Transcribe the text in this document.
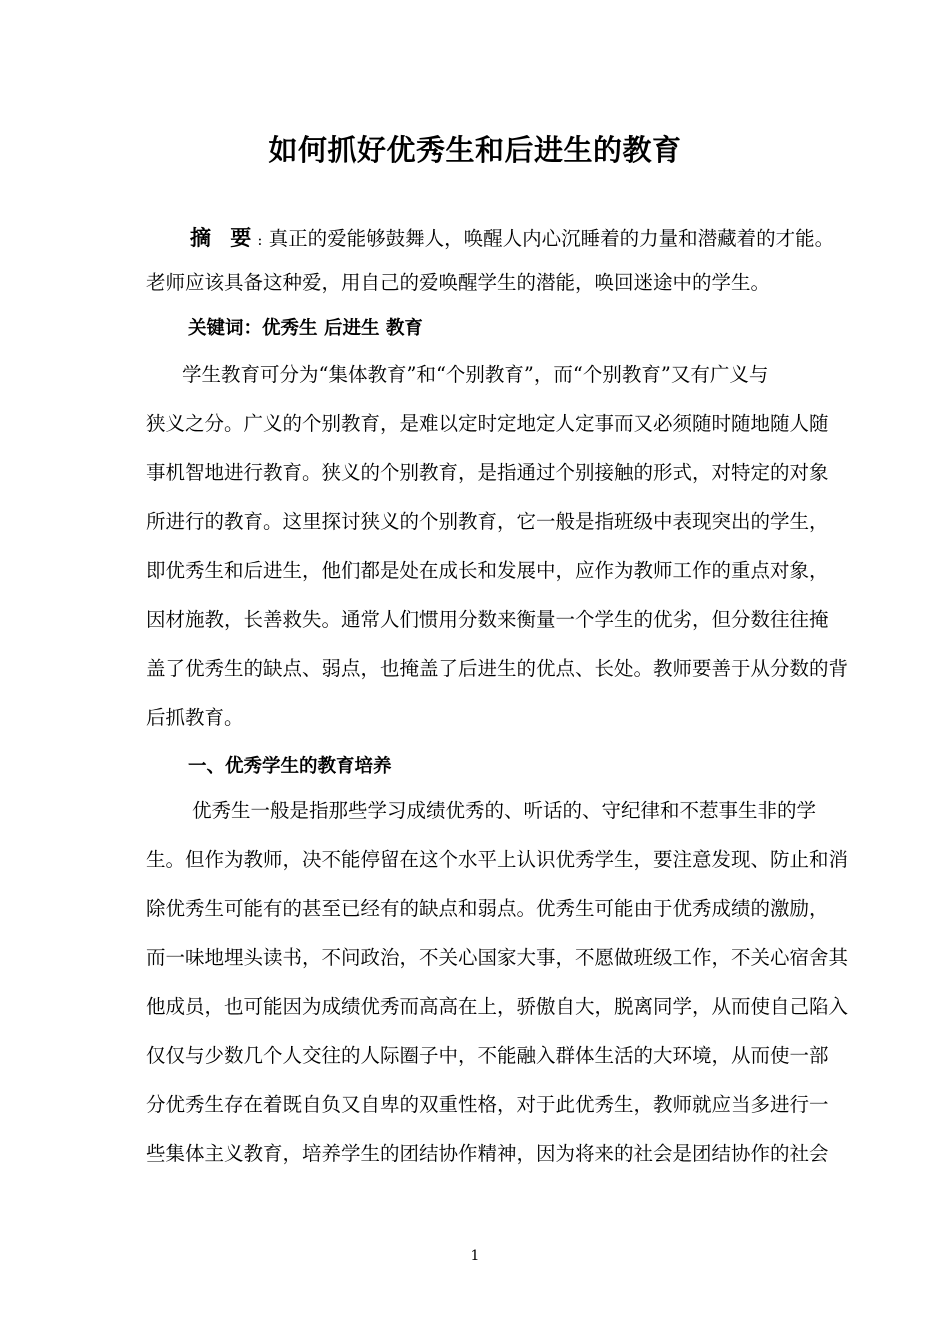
如何抓好优秀生和后进生的教育
摘 要: 真正的爱能够鼓舞人，唤醒人内心沉睡着的力量和潜藏着的才能。
老师应该具备这种爱，用自己的爱唤醒学生的潜能，唤回迷途中的学生。
关键词：优秀生 后进生 教育
学生教育可分为“集体教育”和“个别教育”，而“个别教育”又有广义与
狭义之分。广义的个别教育，是难以定时定地定人定事而又必须随时随地随人随
事机智地进行教育。狭义的个别教育，是指通过个别接触的形式，对特定的对象
所进行的教育。这里探讨狭义的个别教育，它一般是指班级中表现突出的学生，
即优秀生和后进生，他们都是处在成长和发展中，应作为教师工作的重点对象，
因材施教，长善救失。通常人们惯用分数来衡量一个学生的优劣，但分数往往掩
盖了优秀生的缺点、弱点，也掩盖了后进生的优点、长处。教师要善于从分数的背
后抓教育。
一、优秀学生的教育培养
优秀生一般是指那些学习成绩优秀的、听话的、守纪律和不惹事生非的学
生。但作为教师，决不能停留在这个水平上认识优秀学生，要注意发现、防止和消
除优秀生可能有的甚至已经有的缺点和弱点。优秀生可能由于优秀成绩的激励，
而一味地埋头读书，不问政治，不关心国家大事，不愿做班级工作，不关心宿舍其
他成员，也可能因为成绩优秀而高高在上，骄傲自大，脱离同学，从而使自己陷入
仅仅与少数几个人交往的人际圈子中，不能融入群体生活的大环境，从而使一部
分优秀生存在着既自负又自卑的双重性格，对于此优秀生，教师就应当多进行一
些集体主义教育，培养学生的团结协作精神，因为将来的社会是团结协作的社会
1
